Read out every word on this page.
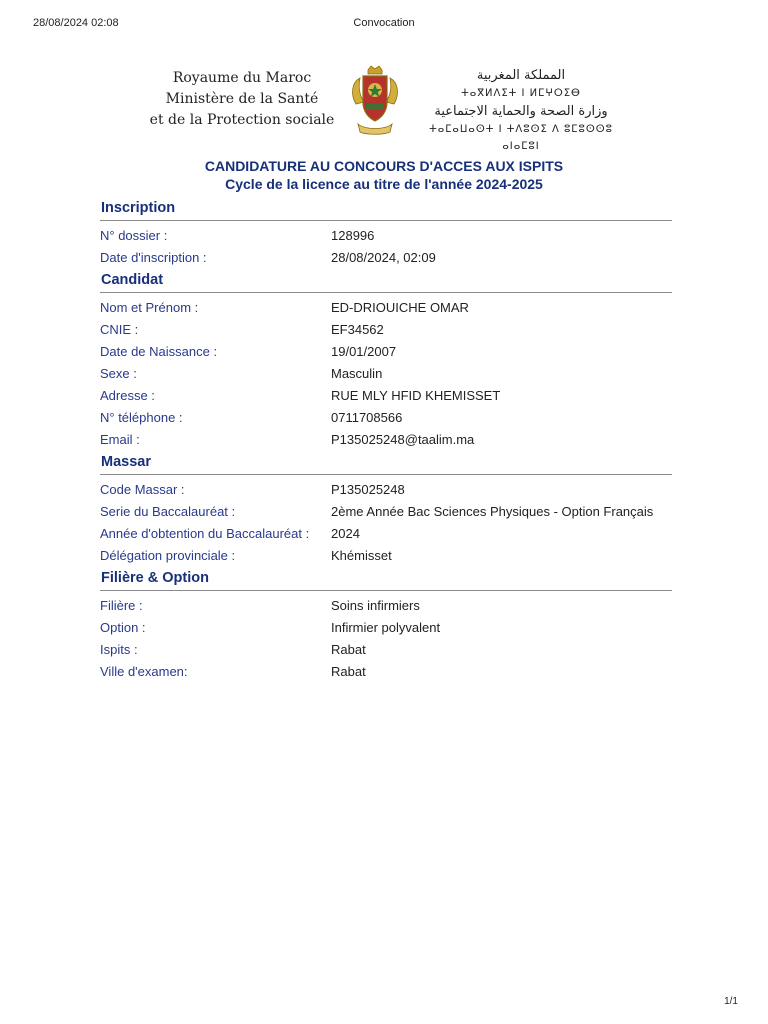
28/08/2024 02:08	Convocation
Royaume du Maroc
Ministère de la Santé
et de la Protection sociale
المملكة المغربية
ⵜⴰⴳⵍⴷⵉⵜ ⵏ ⵍⵎⵖⵔⵉⴱ
وزارة الصحة والحماية الاجتماعية
ⵜⴰⵎⴰⵡⴰⵙⵜ ⵏ ⵜⴷⵓⵙⵉ ⴷ ⵓⵎⵓⵙⵙⵓ ⴰⵏⴰⵎⵓⵏ
CANDIDATURE AU CONCOURS D'ACCES AUX ISPITS
Cycle de la licence au titre de l'année 2024-2025
Inscription
N° dossier :	128996
Date d'inscription :	28/08/2024, 02:09
Candidat
Nom et Prénom :	ED-DRIOUICHE OMAR
CNIE :	EF34562
Date de Naissance :	19/01/2007
Sexe :	Masculin
Adresse :	RUE MLY HFID KHEMISSET
N° téléphone :	0711708566
Email :	P135025248@taalim.ma
Massar
Code Massar :	P135025248
Serie du Baccalauréat :	2ème Année Bac Sciences Physiques - Option Français
Année d'obtention du Baccalauréat :	2024
Délégation provinciale :	Khémisset
Filière & Option
Filière :	Soins infirmiers
Option :	Infirmier polyvalent
Ispits :	Rabat
Ville d'examen:	Rabat
1/1
